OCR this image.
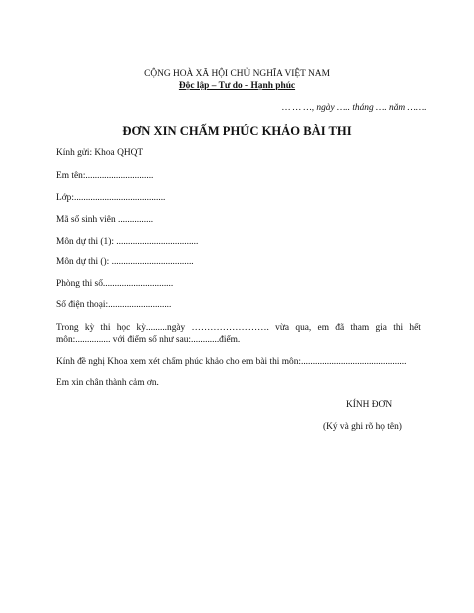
CỘNG HOÀ XÃ HỘI CHỦ NGHĨA VIỆT NAM
Độc lập – Tư do - Hạnh phúc
… … …, ngày ….. tháng …. năm …….
ĐƠN XIN CHẤM PHÚC KHẢO BÀI THI
Kính gửi: Khoa QHQT
Em tên:.............................
Lớp:.......................................
Mã số sinh viên ...............
Môn dự thi (1): ...................................
Môn dự thi (): ...................................
Phòng thi số..............................
Số điện thoại:...........................
Trong kỳ thi học kỳ.........ngày ……………………. vừa qua, em đã tham gia thi hết
môn:............... với điểm số như sau:............điểm.
Kính đề nghị Khoa xem xét chấm phúc khảo cho em bài thi môn:.............................................
Em xin chân thành cảm ơn.
KÍNH ĐƠN
(Ký và ghi rõ họ tên)
